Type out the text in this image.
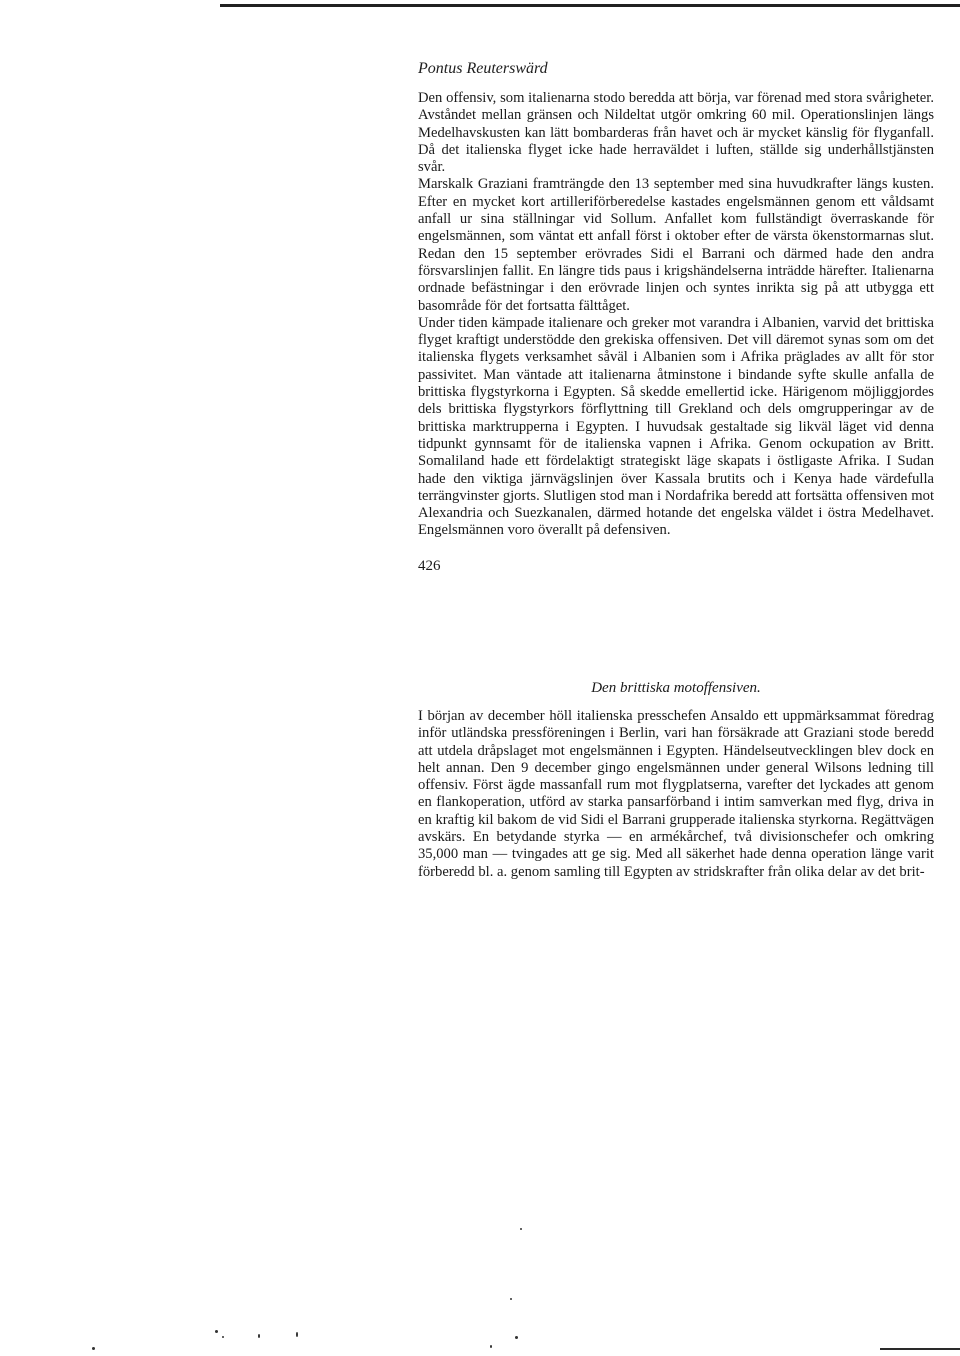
Pontus Reuterswärd

Den offensiv, som italienarna stodo beredda att börja, var förenad med stora svårigheter. Avståndet mellan gränsen och Nildeltat utgör omkring 60 mil. Operationslinjen längs Medelhavskusten kan lätt bombarderas från havet och är mycket känslig för flyganfall. Då det italienska flyget icke hade herraväldet i luften, ställde sig underhållstjänsten svår.

Marskalk Graziani framträngde den 13 september med sina huvudkrafter längs kusten. Efter en mycket kort artilleriförberedelse kastades engelsmännen genom ett våldsamt anfall ur sina ställningar vid Sollum. Anfallet kom fullständigt överraskande för engelsmännen, som väntat ett anfall först i oktober efter de värsta ökenstormarnas slut. Redan den 15 september erövrades Sidi el Barrani och därmed hade den andra försvarslinjen fallit. En längre tids paus i krigshändelserna inträdde härefter. Italienarna ordnade befästningar i den erövrade linjen och syntes inrikta sig på att utbygga ett basområde för det fortsatta fälttåget.

Under tiden kämpade italienare och greker mot varandra i Albanien, varvid det brittiska flyget kraftigt understödde den grekiska offensiven. Det vill däremot synas som om det italienska flygets verksamhet såväl i Albanien som i Afrika präglades av allt för stor passivitet. Man väntade att italienarna åtminstone i bindande syfte skulle anfalla de brittiska flygstyrkorna i Egypten. Så skedde emellertid icke. Härigenom möjliggjordes dels brittiska flygstyrkors förflyttning till Grekland och dels omgrupperingar av de brittiska marktrupperna i Egypten. I huvudsak gestaltade sig likväl läget vid denna tidpunkt gynnsamt för de italienska vapnen i Afrika. Genom ockupation av Britt. Somaliland hade ett fördelaktigt strategiskt läge skapats i östligaste Afrika. I Sudan hade den viktiga järnvägslinjen över Kassala brutits och i Kenya hade värdefulla terrängvinster gjorts. Slutligen stod man i Nordafrika beredd att fortsätta offensiven mot Alexandria och Suezkanalen, därmed hotande det engelska väldet i östra Medelhavet. Engelsmännen voro överallt på defensiven.

Den brittiska motoffensiven.

I början av december höll italienska presschefen Ansaldo ett uppmärksammat föredrag inför utländska pressföreningen i Berlin, vari han försäkrade att Graziani stode beredd att utdela dråpslaget mot engelsmännen i Egypten. Händelseutvecklingen blev dock en helt annan. Den 9 december gingo engelsmännen under general Wilsons ledning till offensiv. Först ägde massanfall rum mot flygplatserna, varefter det lyckades att genom en flankoperation, utförd av starka pansarförband i intim samverkan med flyg, driva in en kraftig kil bakom de vid Sidi el Barrani grupperade italienska styrkorna. Regättvägen avskärs. En betydande styrka — en armékårchef, två divisionschefer och omkring 35,000 man — tvingades att ge sig. Med all säkerhet hade denna operation länge varit förberedd bl. a. genom samling till Egypten av stridskrafter från olika delar av det brit-

426
